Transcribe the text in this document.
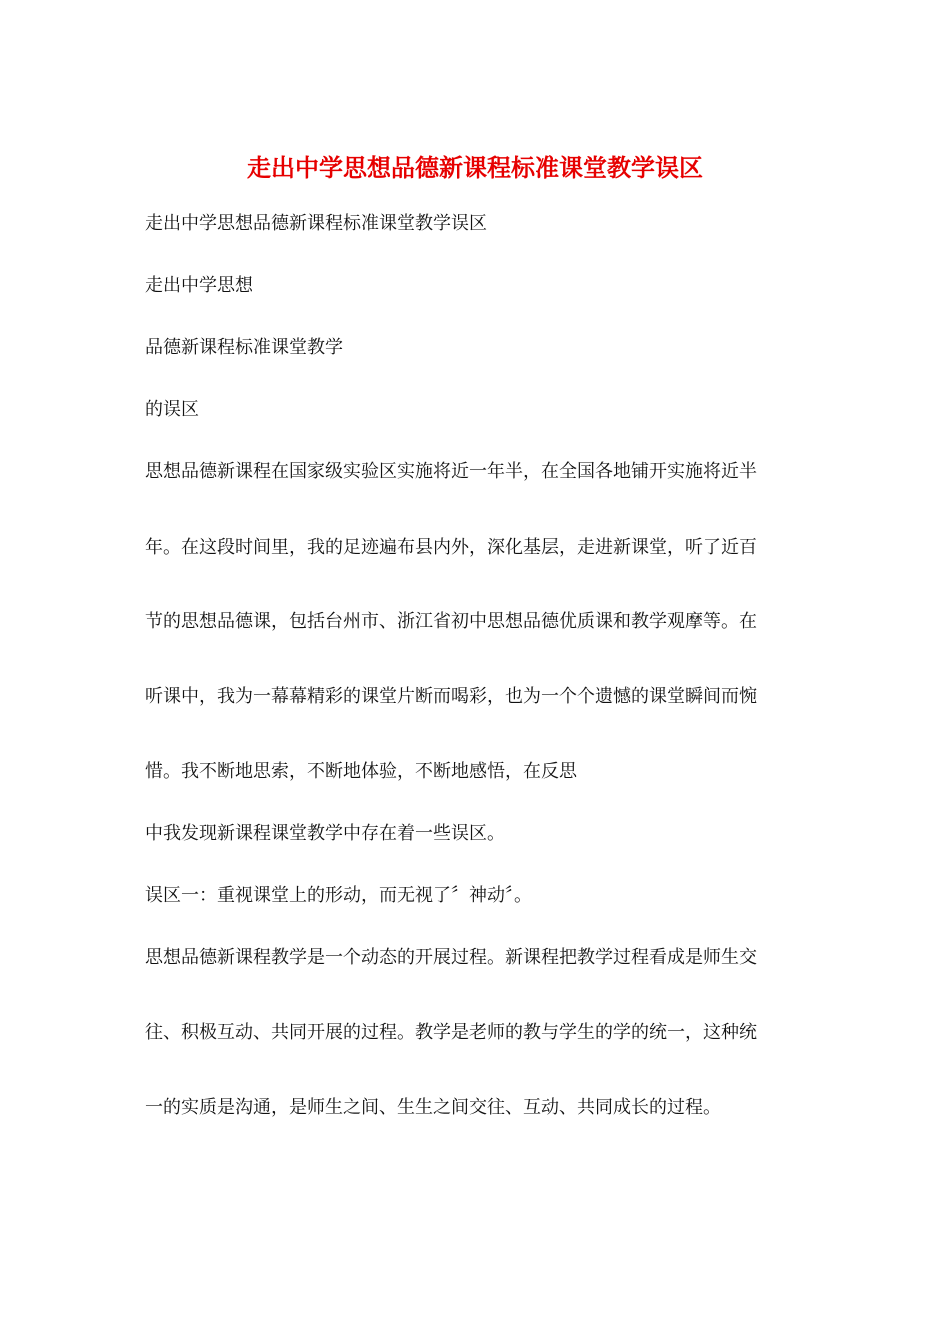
走出中学思想品德新课程标准课堂教学误区
走出中学思想品德新课程标准课堂教学误区
走出中学思想
品德新课程标准课堂教学
的误区
思想品德新课程在国家级实验区实施将近一年半，在全国各地铺开实施将近半
年。在这段时间里，我的足迹遍布县内外，深化基层，走进新课堂，听了近百
节的思想品德课，包括台州市、浙江省初中思想品德优质课和教学观摩等。在
听课中，我为一幕幕精彩的课堂片断而喝彩，也为一个个遗憾的课堂瞬间而惋
惜。我不断地思索，不断地体验，不断地感悟，在反思
中我发现新课程课堂教学中存在着一些误区。
误区一：重视课堂上的形动，而无视了〞神动〞。
思想品德新课程教学是一个动态的开展过程。新课程把教学过程看成是师生交
往、积极互动、共同开展的过程。教学是老师的教与学生的学的统一，这种统
一的实质是沟通，是师生之间、生生之间交往、互动、共同成长的过程。
